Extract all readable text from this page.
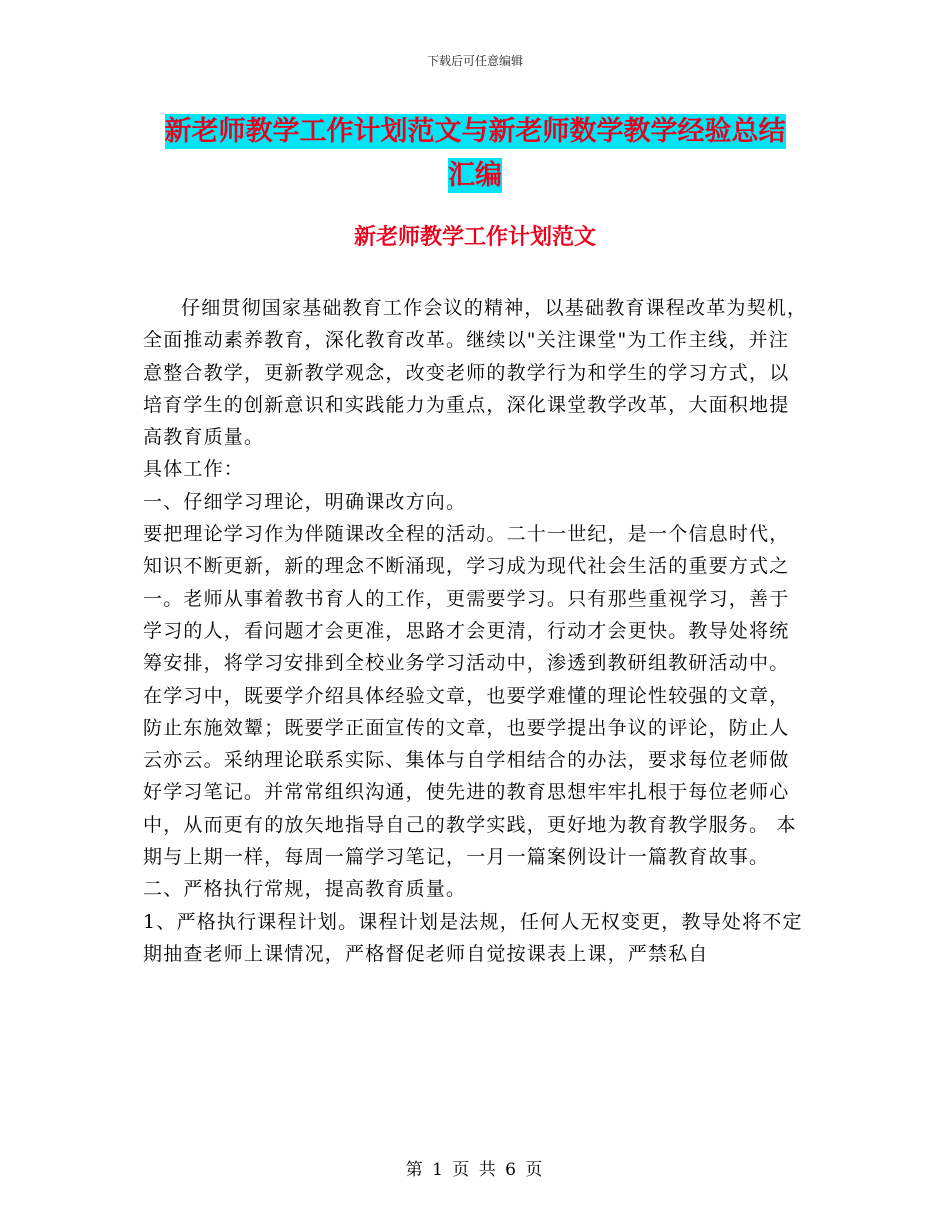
下载后可任意编辑
新老师教学工作计划范文与新老师数学教学经验总结
汇编
新老师教学工作计划范文

仔细贯彻国家基础教育工作会议的精神，以基础教育课程改革为契机，全面推动素养教育，深化教育改革。继续以"关注课堂"为工作主线，并注意整合教学，更新教学观念，改变老师的教学行为和学生的学习方式，以培育学生的创新意识和实践能力为重点，深化课堂教学改革，大面积地提高教育质量。

具体工作：

一、仔细学习理论，明确课改方向。

要把理论学习作为伴随课改全程的活动。二十一世纪，是一个信息时代，知识不断更新，新的理念不断涌现，学习成为现代社会生活的重要方式之一。老师从事着教书育人的工作，更需要学习。只有那些重视学习，善于学习的人，看问题才会更准，思路才会更清，行动才会更快。教导处将统筹安排，将学习安排到全校业务学习活动中，渗透到教研组教研活动中。在学习中，既要学介绍具体经验文章，也要学难懂的理论性较强的文章，防止东施效颦；既要学正面宣传的文章，也要学提出争议的评论，防止人云亦云。采纳理论联系实际、集体与自学相结合的办法，要求每位老师做好学习笔记。并常常组织沟通，使先进的教育思想牢牢扎根于每位老师心中，从而更有的放矢地指导自己的教学实践，更好地为教育教学服务。 本期与上期一样，每周一篇学习笔记，一月一篇案例设计一篇教育故事。

二、严格执行常规，提高教育质量。

1、严格执行课程计划。课程计划是法规，任何人无权变更，教导处将不定期抽查老师上课情况，严格督促老师自觉按课表上课，严禁私自

第 1 页 共 6 页
